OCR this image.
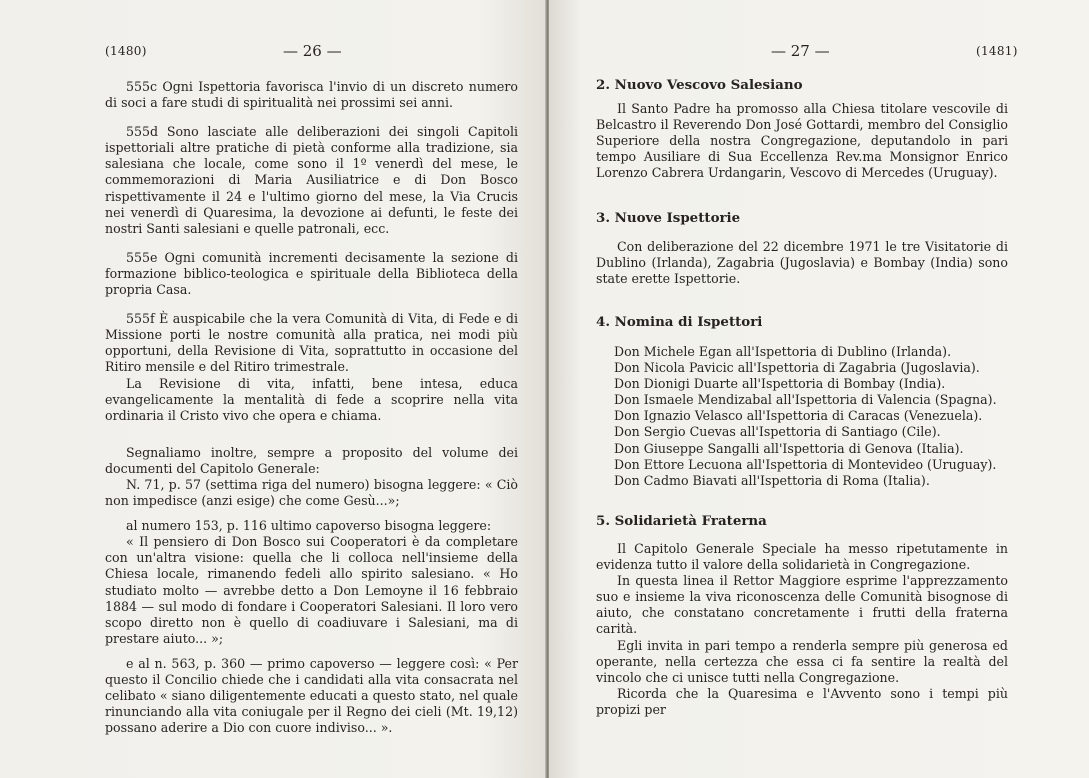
(1480)	— 26 —

555c Ogni Ispettoria favorisca l'invio di un discreto numero di soci a fare studi di spiritualità nei prossimi sei anni.

555d Sono lasciate alle deliberazioni dei singoli Capitoli ispettoriali altre pratiche di pietà conforme alla tradizione, sia salesiana che locale, come sono il 1º venerdì del mese, le commemorazioni di Maria Ausiliatrice e di Don Bosco rispettivamente il 24 e l'ultimo giorno del mese, la Via Crucis nei venerdì di Quaresima, la devozione ai defunti, le feste dei nostri Santi salesiani e quelle patronali, ecc.

555e Ogni comunità incrementi decisamente la sezione di formazione biblico-teologica e spirituale della Biblioteca della propria Casa.

555f È auspicabile che la vera Comunità di Vita, di Fede e di Missione porti le nostre comunità alla pratica, nei modi più opportuni, della Revisione di Vita, soprattutto in occasione del Ritiro mensile e del Ritiro trimestrale.

La Revisione di vita, infatti, bene intesa, educa evangelicamente la mentalità di fede a scoprire nella vita ordinaria il Cristo vivo che opera e chiama.

Segnaliamo inoltre, sempre a proposito del volume dei documenti del Capitolo Generale:

N. 71, p. 57 (settima riga del numero) bisogna leggere: « Ciò non impedisce (anzi esige) che come Gesù...»;

al numero 153, p. 116 ultimo capoverso bisogna leggere:

« Il pensiero di Don Bosco sui Cooperatori è da completare con un'altra visione: quella che li colloca nell'insieme della Chiesa locale, rimanendo fedeli allo spirito salesiano. « Ho studiato molto — avrebbe detto a Don Lemoyne il 16 febbraio 1884 — sul modo di fondare i Cooperatori Salesiani. Il loro vero scopo diretto non è quello di coadiuvare i Salesiani, ma di prestare aiuto... »;

e al n. 563, p. 360 — primo capoverso — leggere così: « Per questo il Concilio chiede che i candidati alla vita consacrata nel celibato « siano diligentemente educati a questo stato, nel quale rinunciando alla vita coniugale per il Regno dei cieli (Mt. 19,12) possano aderire a Dio con cuore indiviso... ».

— 27 —	(1481)
2. Nuovo Vescovo Salesiano

Il Santo Padre ha promosso alla Chiesa titolare vescovile di Belcastro il Reverendo Don José Gottardi, membro del Consiglio Superiore della nostra Congregazione, deputandolo in pari tempo Ausiliare di Sua Eccellenza Rev.ma Monsignor Enrico Lorenzo Cabrera Urdangarin, Vescovo di Mercedes (Uruguay).

3. Nuove Ispettorie

Con deliberazione del 22 dicembre 1971 le tre Visitatorie di Dublino (Irlanda), Zagabria (Jugoslavia) e Bombay (India) sono state erette Ispettorie.

4. Nomina di Ispettori
Don Michele Egan all'Ispettoria di Dublino (Irlanda).
Don Nicola Pavicic all'Ispettoria di Zagabria (Jugoslavia).
Don Dionigi Duarte all'Ispettoria di Bombay (India).
Don Ismaele Mendizabal all'Ispettoria di Valencia (Spagna).
Don Ignazio Velasco all'Ispettoria di Caracas (Venezuela).
Don Sergio Cuevas all'Ispettoria di Santiago (Cile).
Don Giuseppe Sangalli all'Ispettoria di Genova (Italia).
Don Ettore Lecuona all'Ispettoria di Montevideo (Uruguay).
Don Cadmo Biavati all'Ispettoria di Roma (Italia).
5. Solidarietà Fraterna

Il Capitolo Generale Speciale ha messo ripetutamente in evidenza tutto il valore della solidarietà in Congregazione.

In questa linea il Rettor Maggiore esprime l'apprezzamento suo e insieme la viva riconoscenza delle Comunità bisognose di aiuto, che constatano concretamente i frutti della fraterna carità.

Egli invita in pari tempo a renderla sempre più generosa ed operante, nella certezza che essa ci fa sentire la realtà del vincolo che ci unisce tutti nella Congregazione.

Ricorda che la Quaresima e l'Avvento sono i tempi più propizi per
